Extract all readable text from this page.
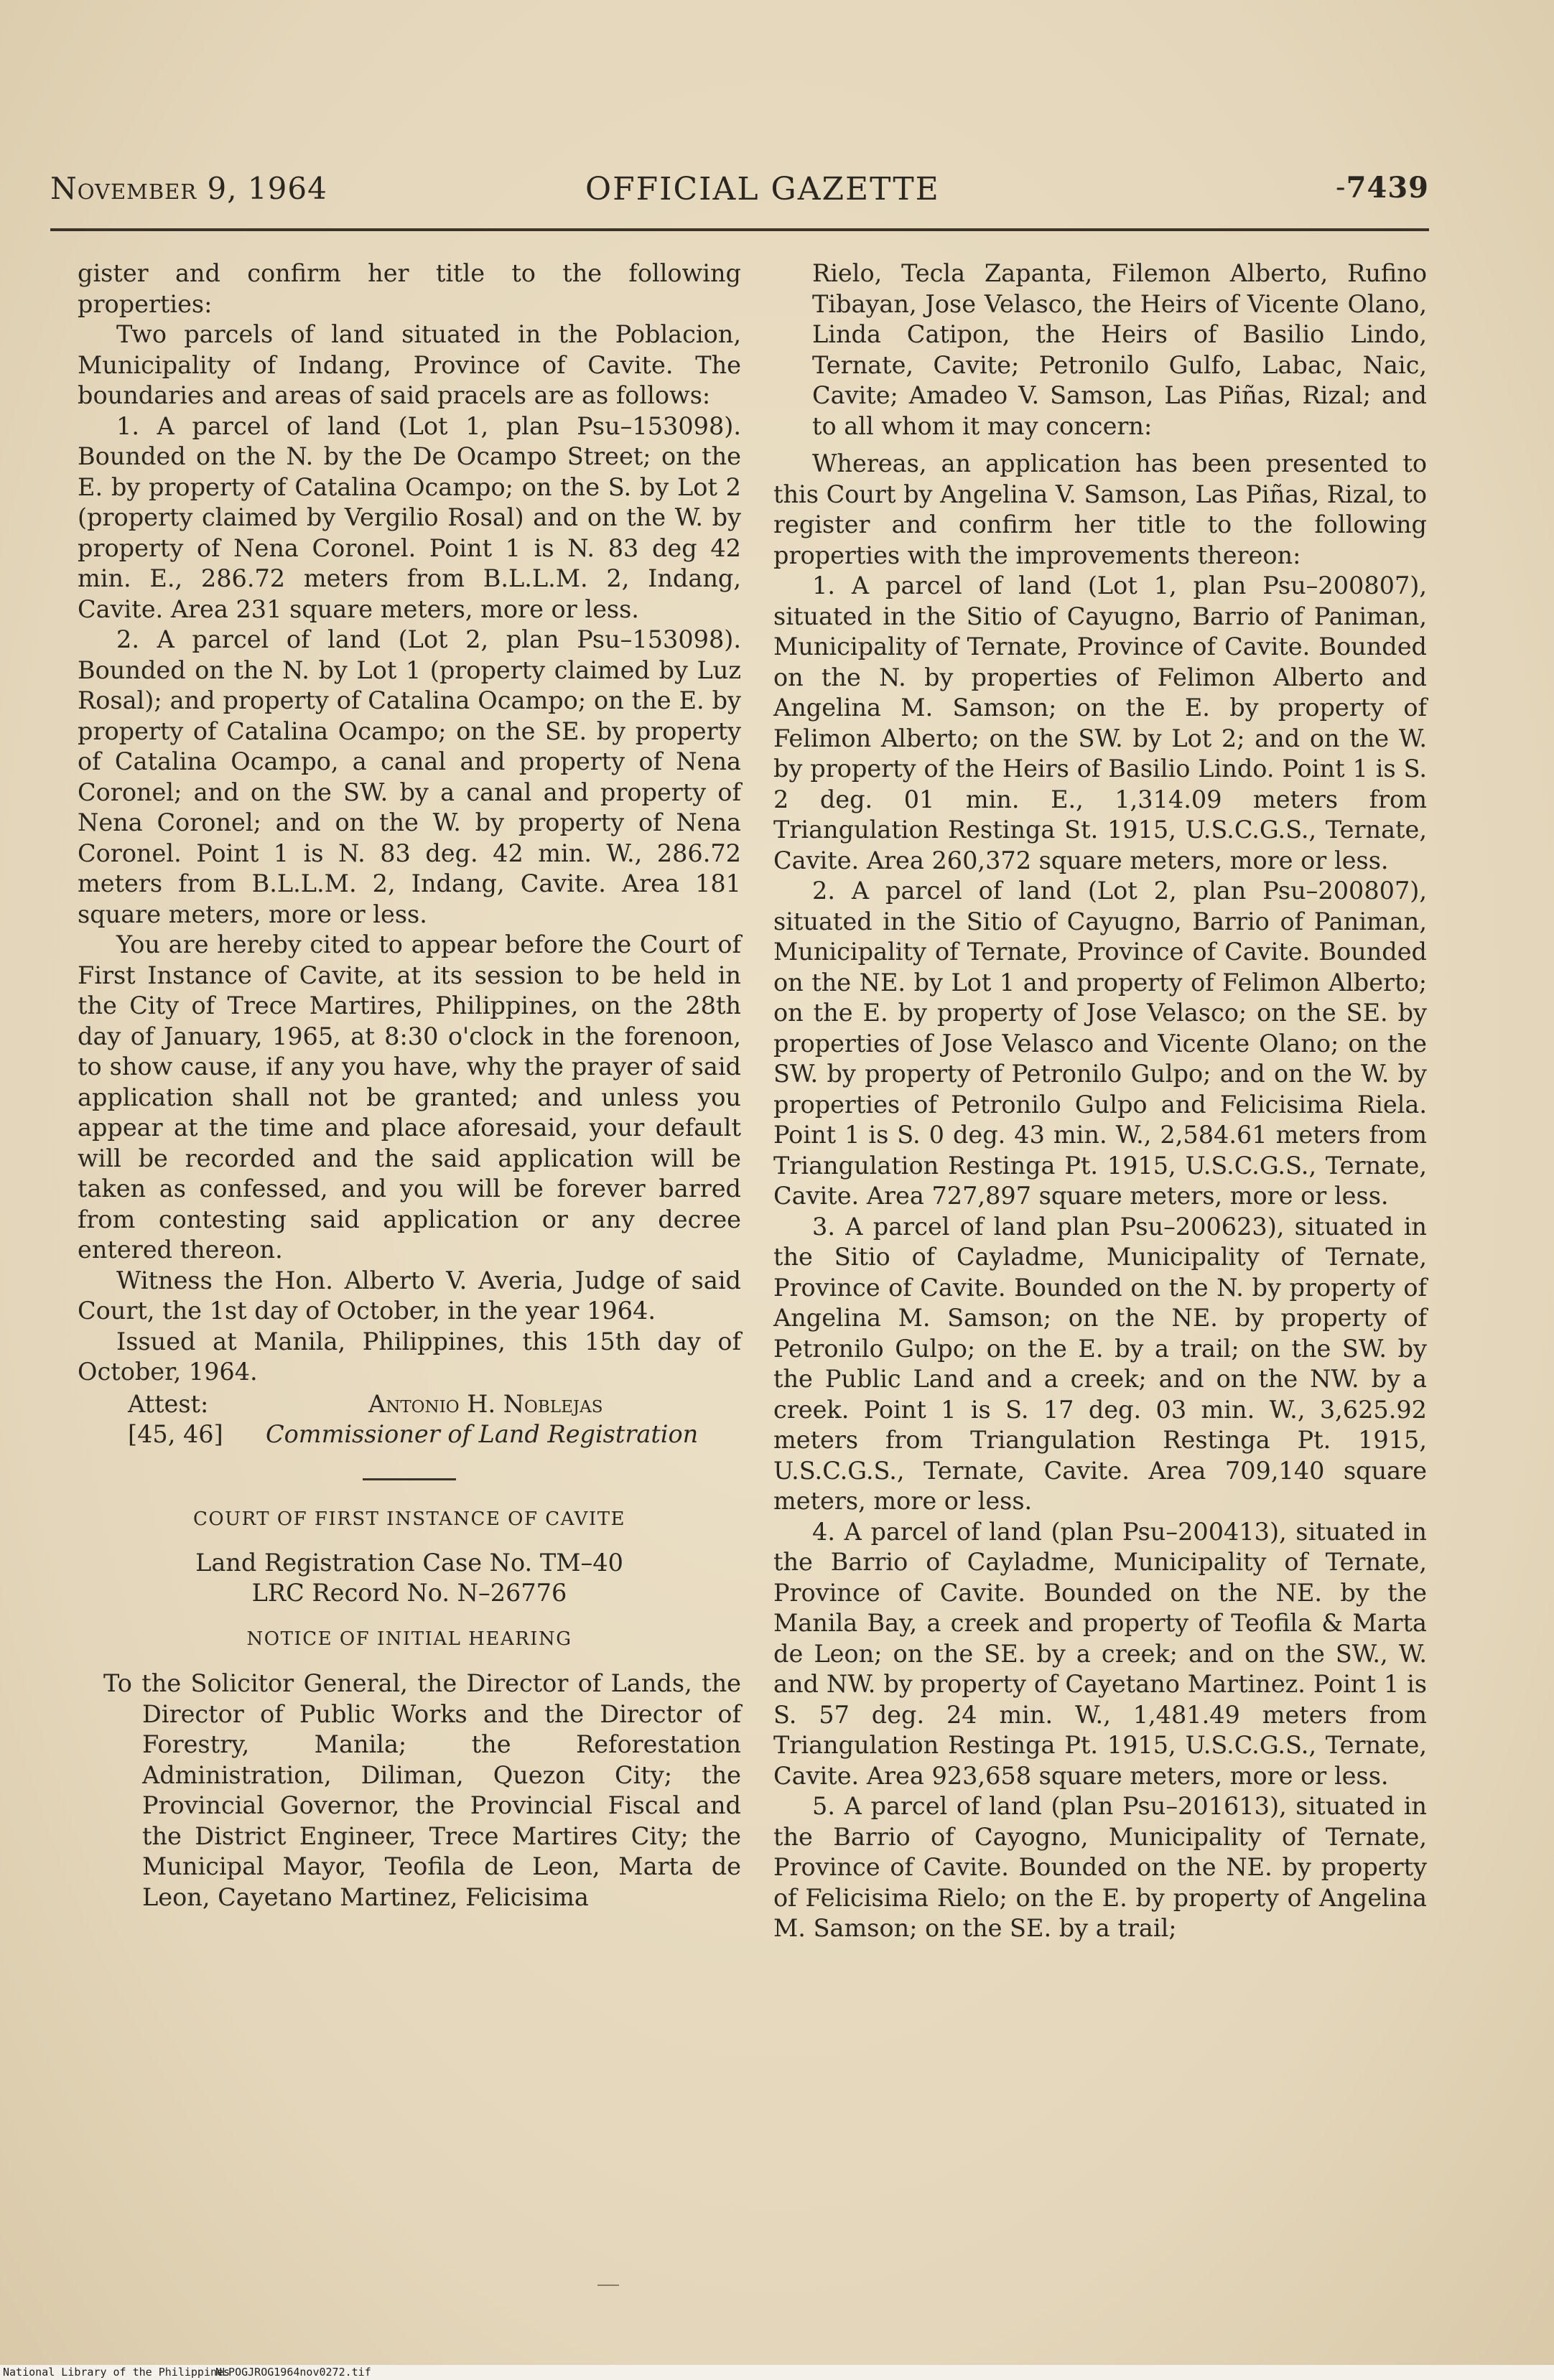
November 9, 1964	OFFICIAL GAZETTE	- 7439

gister and confirm her title to the following properties:

Two parcels of land situated in the Poblacion, Municipality of Indang, Province of Cavite. The boundaries and areas of said pracels are as follows:

1. A parcel of land (Lot 1, plan Psu–153098). Bounded on the N. by the De Ocampo Street; on the E. by property of Catalina Ocampo; on the S. by Lot 2 (property claimed by Vergilio Rosal) and on the W. by property of Nena Coronel. Point 1 is N. 83 deg 42 min. E., 286.72 meters from B.L.L.M. 2, Indang, Cavite. Area 231 square meters, more or less.

2. A parcel of land (Lot 2, plan Psu–153098). Bounded on the N. by Lot 1 (property claimed by Luz Rosal); and property of Catalina Ocampo; on the E. by property of Catalina Ocampo; on the SE. by property of Catalina Ocampo, a canal and property of Nena Coronel; and on the SW. by a canal and property of Nena Coronel; and on the W. by property of Nena Coronel. Point 1 is N. 83 deg. 42 min. W., 286.72 meters from B.L.L.M. 2, Indang, Cavite. Area 181 square meters, more or less.

You are hereby cited to appear before the Court of First Instance of Cavite, at its session to be held in the City of Trece Martires, Philippines, on the 28th day of January, 1965, at 8:30 o'clock in the forenoon, to show cause, if any you have, why the prayer of said application shall not be granted; and unless you appear at the time and place aforesaid, your default will be recorded and the said application will be taken as confessed, and you will be forever barred from contesting said application or any decree entered thereon.

Witness the Hon. Alberto V. Averia, Judge of said Court, the 1st day of October, in the year 1964.

Issued at Manila, Philippines, this 15th day of October, 1964.

Attest:	Antonio H. Noblejas
[45, 46] Commissioner of Land Registration
COURT OF FIRST INSTANCE OF CAVITE
Land Registration Case No. TM–40
LRC Record No. N–26776
NOTICE OF INITIAL HEARING

To the Solicitor General, the Director of Lands, the Director of Public Works and the Director of Forestry, Manila; the Reforestation Administration, Diliman, Quezon City; the Provincial Governor, the Provincial Fiscal and the District Engineer, Trece Martires City; the Municipal Mayor, Teofila de Leon, Marta de Leon, Cayetano Martinez, Felicisima

Rielo, Tecla Zapanta, Filemon Alberto, Rufino Tibayan, Jose Velasco, the Heirs of Vicente Olano, Linda Catipon, the Heirs of Basilio Lindo, Ternate, Cavite; Petronilo Gulfo, Labac, Naic, Cavite; Amadeo V. Samson, Las Piñas, Rizal; and to all whom it may concern:

Whereas, an application has been presented to this Court by Angelina V. Samson, Las Piñas, Rizal, to register and confirm her title to the following properties with the improvements thereon:

1. A parcel of land (Lot 1, plan Psu–200807), situated in the Sitio of Cayugno, Barrio of Paniman, Municipality of Ternate, Province of Cavite. Bounded on the N. by properties of Felimon Alberto and Angelina M. Samson; on the E. by property of Felimon Alberto; on the SW. by Lot 2; and on the W. by property of the Heirs of Basilio Lindo. Point 1 is S. 2 deg. 01 min. E., 1,314.09 meters from Triangulation Restinga St. 1915, U.S.C.G.S., Ternate, Cavite. Area 260,372 square meters, more or less.

2. A parcel of land (Lot 2, plan Psu–200807), situated in the Sitio of Cayugno, Barrio of Paniman, Municipality of Ternate, Province of Cavite. Bounded on the NE. by Lot 1 and property of Felimon Alberto; on the E. by property of Jose Velasco; on the SE. by properties of Jose Velasco and Vicente Olano; on the SW. by property of Petronilo Gulpo; and on the W. by properties of Petronilo Gulpo and Felicisima Riela. Point 1 is S. 0 deg. 43 min. W., 2,584.61 meters from Triangulation Restinga Pt. 1915, U.S.C.G.S., Ternate, Cavite. Area 727,897 square meters, more or less.

3. A parcel of land plan Psu–200623), situated in the Sitio of Cayladme, Municipality of Ternate, Province of Cavite. Bounded on the N. by property of Angelina M. Samson; on the NE. by property of Petronilo Gulpo; on the E. by a trail; on the SW. by the Public Land and a creek; and on the NW. by a creek. Point 1 is S. 17 deg. 03 min. W., 3,625.92 meters from Triangulation Restinga Pt. 1915, U.S.C.G.S., Ternate, Cavite. Area 709,140 square meters, more or less.

4. A parcel of land (plan Psu–200413), situated in the Barrio of Cayladme, Municipality of Ternate, Province of Cavite. Bounded on the NE. by the Manila Bay, a creek and property of Teofila & Marta de Leon; on the SE. by a creek; and on the SW., W. and NW. by property of Cayetano Martinez. Point 1 is S. 57 deg. 24 min. W., 1,481.49 meters from Triangulation Restinga Pt. 1915, U.S.C.G.S., Ternate, Cavite. Area 923,658 square meters, more or less.

5. A parcel of land (plan Psu–201613), situated in the Barrio of Cayogno, Municipality of Ternate, Province of Cavite. Bounded on the NE. by property of Felicisima Rielo; on the E. by property of Angelina M. Samson; on the SE. by a trail;

National Library of the Philippines
NLPOGJROG1964nov0272.tif
